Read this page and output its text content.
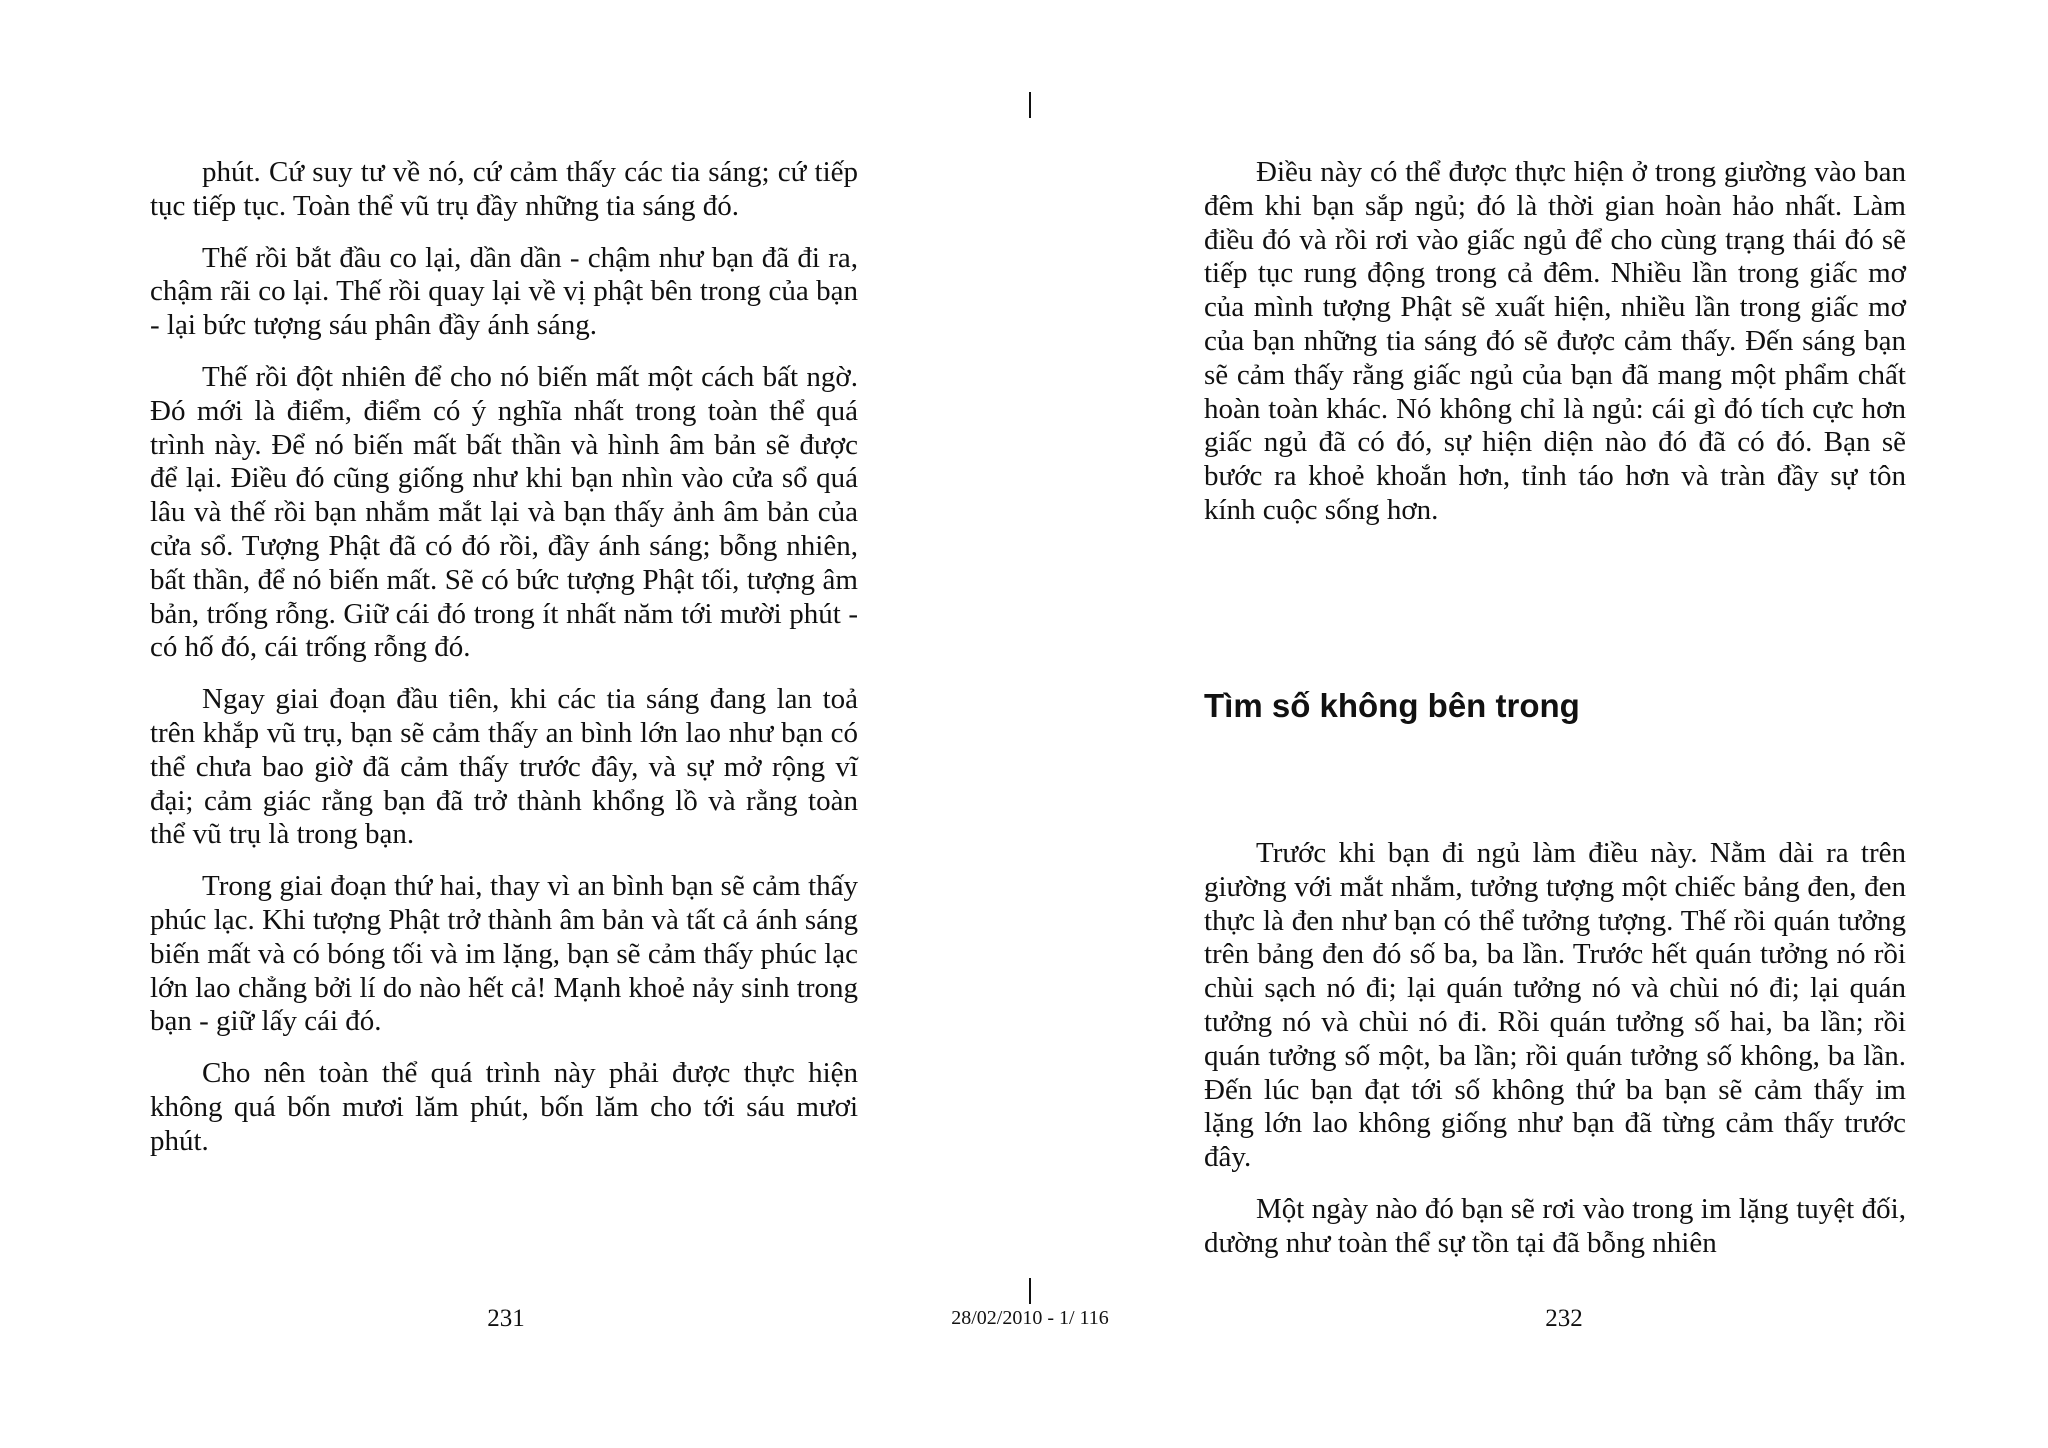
phút. Cứ suy tư về nó, cứ cảm thấy các tia sáng; cứ tiếp tục tiếp tục. Toàn thể vũ trụ đầy những tia sáng đó.

Thế rồi bắt đầu co lại, dần dần - chậm như bạn đã đi ra, chậm rãi co lại. Thế rồi quay lại về vị phật bên trong của bạn - lại bức tượng sáu phân đầy ánh sáng.

Thế rồi đột nhiên để cho nó biến mất một cách bất ngờ. Đó mới là điểm, điểm có ý nghĩa nhất trong toàn thể quá trình này. Để nó biến mất bất thần và hình âm bản sẽ được để lại. Điều đó cũng giống như khi bạn nhìn vào cửa sổ quá lâu và thế rồi bạn nhắm mắt lại và bạn thấy ảnh âm bản của cửa sổ. Tượng Phật đã có đó rồi, đầy ánh sáng; bỗng nhiên, bất thần, để nó biến mất. Sẽ có bức tượng Phật tối, tượng âm bản, trống rỗng. Giữ cái đó trong ít nhất năm tới mười phút - có hố đó, cái trống rỗng đó.

Ngay giai đoạn đầu tiên, khi các tia sáng đang lan toả trên khắp vũ trụ, bạn sẽ cảm thấy an bình lớn lao như bạn có thể chưa bao giờ đã cảm thấy trước đây, và sự mở rộng vĩ đại; cảm giác rằng bạn đã trở thành khổng lồ và rằng toàn thể vũ trụ là trong bạn.

Trong giai đoạn thứ hai, thay vì an bình bạn sẽ cảm thấy phúc lạc. Khi tượng Phật trở thành âm bản và tất cả ánh sáng biến mất và có bóng tối và im lặng, bạn sẽ cảm thấy phúc lạc lớn lao chẳng bởi lí do nào hết cả! Mạnh khoẻ nảy sinh trong bạn - giữ lấy cái đó.

Cho nên toàn thể quá trình này phải được thực hiện không quá bốn mươi lăm phút, bốn lăm cho tới sáu mươi phút.

Điều này có thể được thực hiện ở trong giường vào ban đêm khi bạn sắp ngủ; đó là thời gian hoàn hảo nhất. Làm điều đó và rồi rơi vào giấc ngủ để cho cùng trạng thái đó sẽ tiếp tục rung động trong cả đêm. Nhiều lần trong giấc mơ của mình tượng Phật sẽ xuất hiện, nhiều lần trong giấc mơ của bạn những tia sáng đó sẽ được cảm thấy. Đến sáng bạn sẽ cảm thấy rằng giấc ngủ của bạn đã mang một phẩm chất hoàn toàn khác. Nó không chỉ là ngủ: cái gì đó tích cực hơn giấc ngủ đã có đó, sự hiện diện nào đó đã có đó. Bạn sẽ bước ra khoẻ khoắn hơn, tỉnh táo hơn và tràn đầy sự tôn kính cuộc sống hơn.

Tìm số không bên trong

Trước khi bạn đi ngủ làm điều này. Nằm dài ra trên giường với mắt nhắm, tưởng tượng một chiếc bảng đen, đen thực là đen như bạn có thể tưởng tượng. Thế rồi quán tưởng trên bảng đen đó số ba, ba lần. Trước hết quán tưởng nó rồi chùi sạch nó đi; lại quán tưởng nó và chùi nó đi; lại quán tưởng nó và chùi nó đi. Rồi quán tưởng số hai, ba lần; rồi quán tưởng số một, ba lần; rồi quán tưởng số không, ba lần. Đến lúc bạn đạt tới số không thứ ba bạn sẽ cảm thấy im lặng lớn lao không giống như bạn đã từng cảm thấy trước đây.

Một ngày nào đó bạn sẽ rơi vào trong im lặng tuyệt đối, dường như toàn thể sự tồn tại đã bỗng nhiên

231	28/02/2010 - 1/ 116	232
